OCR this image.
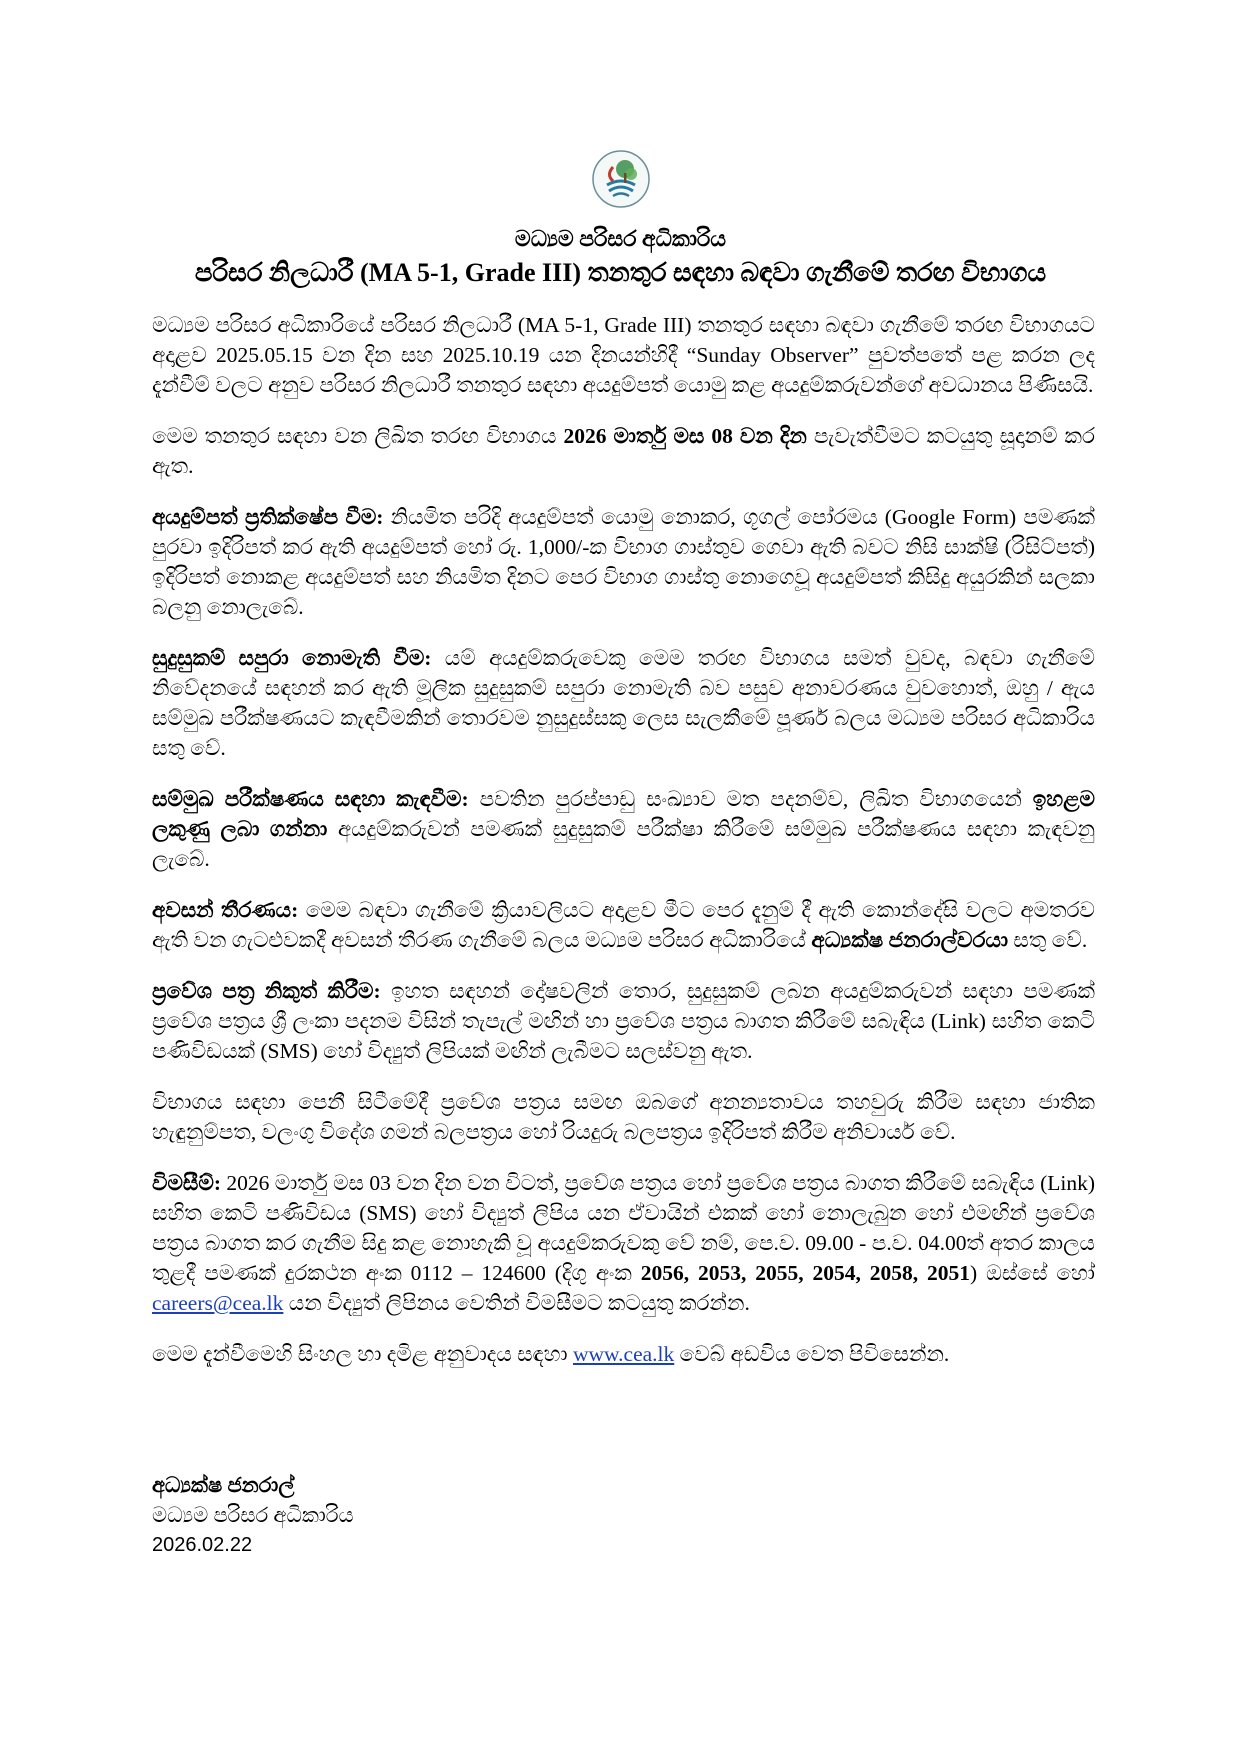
මධ්‍යම පරිසර අධිකාරිය
පරිසර නිලධාරී (MA 5-1, Grade III) තනතුර සඳහා බඳවා ගැනීමේ තරඟ විභාගය

මධ්‍යම පරිසර අධිකාරියේ පරිසර නිලධාරී (MA 5-1, Grade III) තනතුර සඳහා බඳවා ගැනීමේ තරඟ විභාගයට අදාළව 2025.05.15 වන දින සහ 2025.10.19 යන දිනයන්හිදී “Sunday Observer” පුවත්පතේ පළ කරන ලද දැන්වීම් වලට අනුව පරිසර නිලධාරී තනතුර සඳහා අයදුම්පත් යොමු කළ අයදුම්කරුවන්ගේ අවධානය පිණිසයි.

මෙම තනතුර සඳහා වන ලිඛිත තරඟ විභාගය 2026 මාර්තු මස 08 වන දින පැවැත්වීමට කටයුතු සූදානම් කර ඇත.

අයදුම්පත් ප්‍රතික්ෂේප වීම: නියමිත පරිදි අයදුම්පත් යොමු නොකර, ගූගල් පෝරමය (Google Form) පමණක් පුරවා ඉදිරිපත් කර ඇති අයදුම්පත් හෝ රු. 1,000/-ක විභාග ගාස්තුව ගෙවා ඇති බවට නිසි සාක්ෂි (රිසිට්පත්) ඉදිරිපත් නොකළ අයදුම්පත් සහ නියමිත දිනට පෙර විභාග ගාස්තු නොගෙවූ අයදුම්පත් කිසිදු අයුරකින් සලකා බලනු නොලැබේ.

සුදුසුකම් සපුරා නොමැති වීම: යම් අයදුම්කරුවෙකු මෙම තරඟ විභාගය සමත් වුවද, බඳවා ගැනීමේ නිවේදනයේ සඳහන් කර ඇති මූලික සුදුසුකම් සපුරා නොමැති බව පසුව අනාවරණය වුවහොත්, ඔහු / ඇය සම්මුඛ පරීක්ෂණයට කැඳවීමකින් තොරවම නුසුදුස්සකු ලෙස සැලකීමේ පූර්ණ බලය මධ්‍යම පරිසර අධිකාරිය සතු වේ.

සම්මුඛ පරීක්ෂණය සඳහා කැඳවීම: පවතින පුරප්පාඩු සංඛ්‍යාව මත පදනම්ව, ලිඛිත විභාගයෙන් ඉහළම ලකුණු ලබා ගන්නා අයදුම්කරුවන් පමණක් සුදුසුකම් පරීක්ෂා කිරීමේ සම්මුඛ පරීක්ෂණය සඳහා කැඳවනු ලැබේ.

අවසන් තීරණය: මෙම බඳවා ගැනීමේ ක්‍රියාවලියට අදාළව මීට පෙර දැනුම් දී ඇති කොන්දේසි වලට අමතරව ඇති වන ගැටළුවකදී අවසන් තීරණ ගැනීමේ බලය මධ්‍යම පරිසර අධිකාරියේ අධ්‍යක්ෂ ජනරාල්වරයා සතු වේ.

ප්‍රවේශ පත්‍ර නිකුත් කිරීම: ඉහත සඳහන් දෝෂවලින් තොර, සුදුසුකම් ලබන අයදුම්කරුවන් සඳහා පමණක් ප්‍රවේශ පත්‍රය ශ්‍රී ලංකා පදනම විසින් තැපැල් මඟින් හා ප්‍රවේශ පත්‍රය බාගත කිරීමේ සබැඳිය (Link) සහිත කෙටි පණිවිඩයක් (SMS) හෝ විද්‍යුත් ලිපියක් මඟින් ලැබීමට සලස්වනු ඇත.

විභාගය සඳහා පෙනී සිටීමේදී ප්‍රවේශ පත්‍රය සමඟ ඔබගේ අනන්‍යතාවය තහවුරු කිරීම සඳහා ජාතික හැඳුනුම්පත, වලංගු විදේශ ගමන් බලපත්‍රය හෝ රියදුරු බලපත්‍රය ඉදිරිපත් කිරීම අනිවාර්ය වේ.

විමසීම්: 2026 මාර්තු මස 03 වන දින වන විටත්, ප්‍රවේශ පත්‍රය හෝ ප්‍රවේශ පත්‍රය බාගත කිරීමේ සබැඳිය (Link) සහිත කෙටි පණිවිඩය (SMS) හෝ විද්‍යුත් ලිපිය යන ඒවායින් එකක් හෝ නොලැබුන හෝ එමඟින් ප්‍රවේශ පත්‍රය බාගත කර ගැනීම සිදු කළ නොහැකි වූ අයදුම්කරුවකු වේ නම්, පෙ.ව. 09.00 - ප.ව. 04.00ත් අතර කාලය තුළදී පමණක් දුරකථන අංක 0112 – 124600 (දිගු අංක 2056, 2053, 2055, 2054, 2058, 2051) ඔස්සේ හෝ careers@cea.lk යන විද්‍යුත් ලිපිනය වෙතින් විමසීමට කටයුතු කරන්න.

මෙම දැන්වීමෙහි සිංහල හා දමිළ අනුවාදය සඳහා www.cea.lk වෙබ් අඩවිය වෙත පිවිසෙන්න.

අධ්‍යක්ෂ ජනරාල්
මධ්‍යම පරිසර අධිකාරිය
2026.02.22
